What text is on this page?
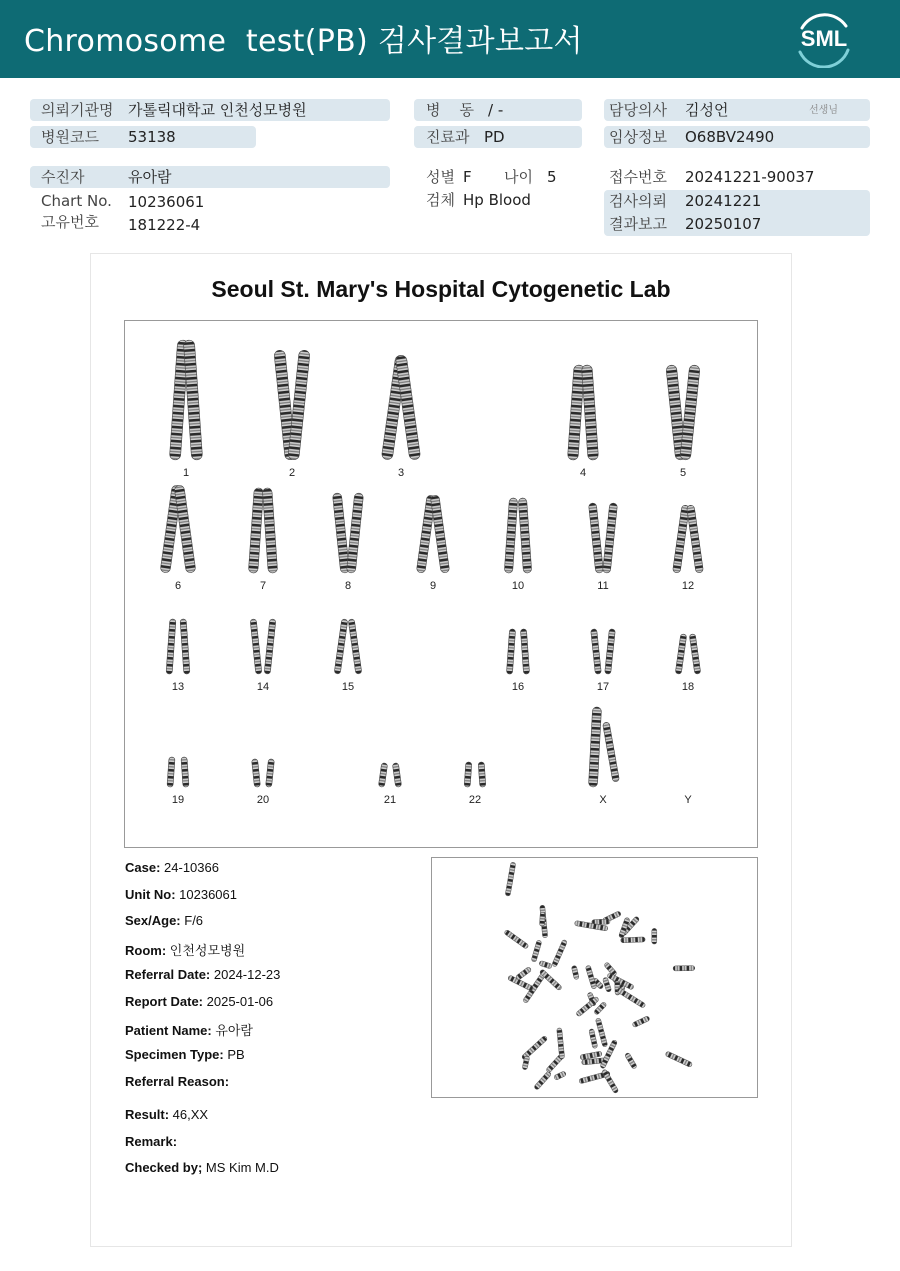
Chromosome  test(PB) 검사결과보고서	SML
의뢰기관명 가톨릭대학교 인천성모병원
병원코드 53138
수진자	유아람
Chart No. 10236061
고유번호 181222-4
병    동 / -
진료과 PD
성별 F 나이 5
검체 Hp Blood
담당의사 김성언	선생님
임상정보 O68BV2490
접수번호 20241221-90037
검사의뢰 20241221
결과보고 20250107
Seoul St. Mary's Hospital Cytogenetic Lab
1	2	3	4	5
6	7	8	9	10	11	12
13	14	15	16	17	18
19	20	21	22	X	Y
Case: 24-10366
Unit No: 10236061
Sex/Age: F/6
Room: 인천성모병원
Referral Date: 2024-12-23
Report Date: 2025-01-06
Patient Name: 유아람
Specimen Type: PB
Referral Reason:
Result: 46,XX
Remark:
Checked by; MS Kim M.D
